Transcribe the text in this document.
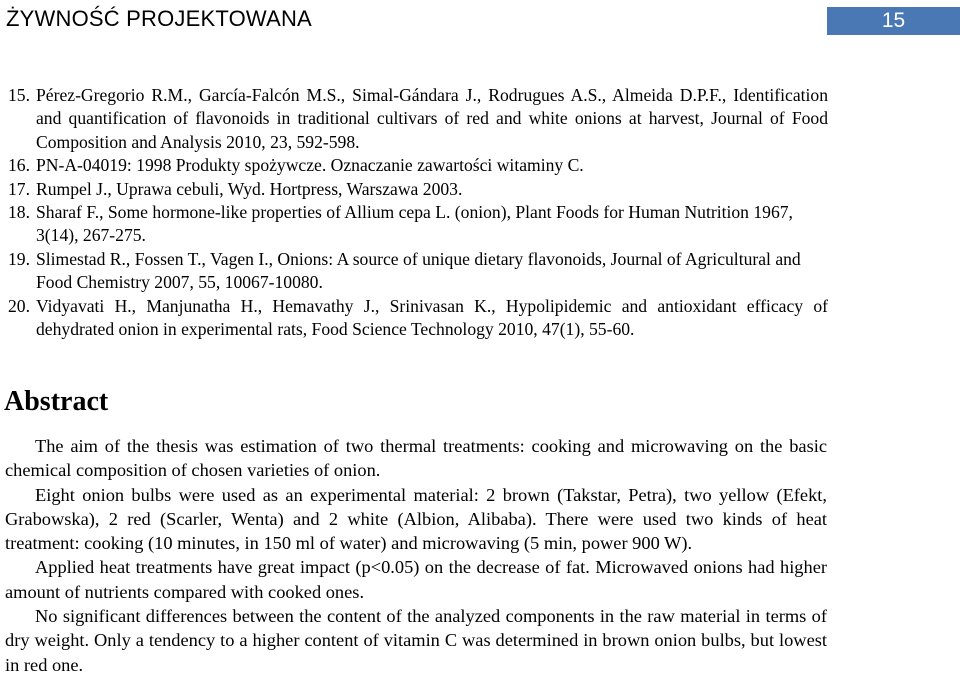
ŻYWNOŚĆ PROJEKTOWANA	15
15. Pérez-Gregorio R.M., García-Falcón M.S., Simal-Gándara J., Rodrugues A.S., Almeida D.P.F., Identification and quantification of flavonoids in traditional cultivars of red and white onions at harvest, Journal of Food Composition and Analysis 2010, 23, 592-598.
16. PN-A-04019: 1998 Produkty spożywcze. Oznaczanie zawartości witaminy C.
17. Rumpel J., Uprawa cebuli, Wyd. Hortpress, Warszawa 2003.
18. Sharaf F., Some hormone-like properties of Allium cepa L. (onion), Plant Foods for Human Nutrition 1967, 3(14), 267-275.
19. Slimestad R., Fossen T., Vagen I., Onions: A source of unique dietary flavonoids, Journal of Agricultural and Food Chemistry 2007, 55, 10067-10080.
20. Vidyavati H., Manjunatha H., Hemavathy J., Srinivasan K., Hypolipidemic and antioxidant efficacy of dehydrated onion in experimental rats, Food Science Technology 2010, 47(1), 55-60.
Abstract

The aim of the thesis was estimation of two thermal treatments: cooking and microwaving on the basic chemical composition of chosen varieties of onion.

Eight onion bulbs were used as an experimental material: 2 brown (Takstar, Petra), two yellow (Efekt, Grabowska), 2 red (Scarler, Wenta) and 2 white (Albion, Alibaba). There were used two kinds of heat treatment: cooking (10 minutes, in 150 ml of water) and microwaving (5 min, power 900 W).

Applied heat treatments have great impact (p<0.05) on the decrease of fat. Microwaved onions had higher amount of nutrients compared with cooked ones.

No significant differences between the content of the analyzed components in the raw material in terms of dry weight. Only a tendency to a higher content of vitamin C was determined in brown onion bulbs, but lowest in red one.
